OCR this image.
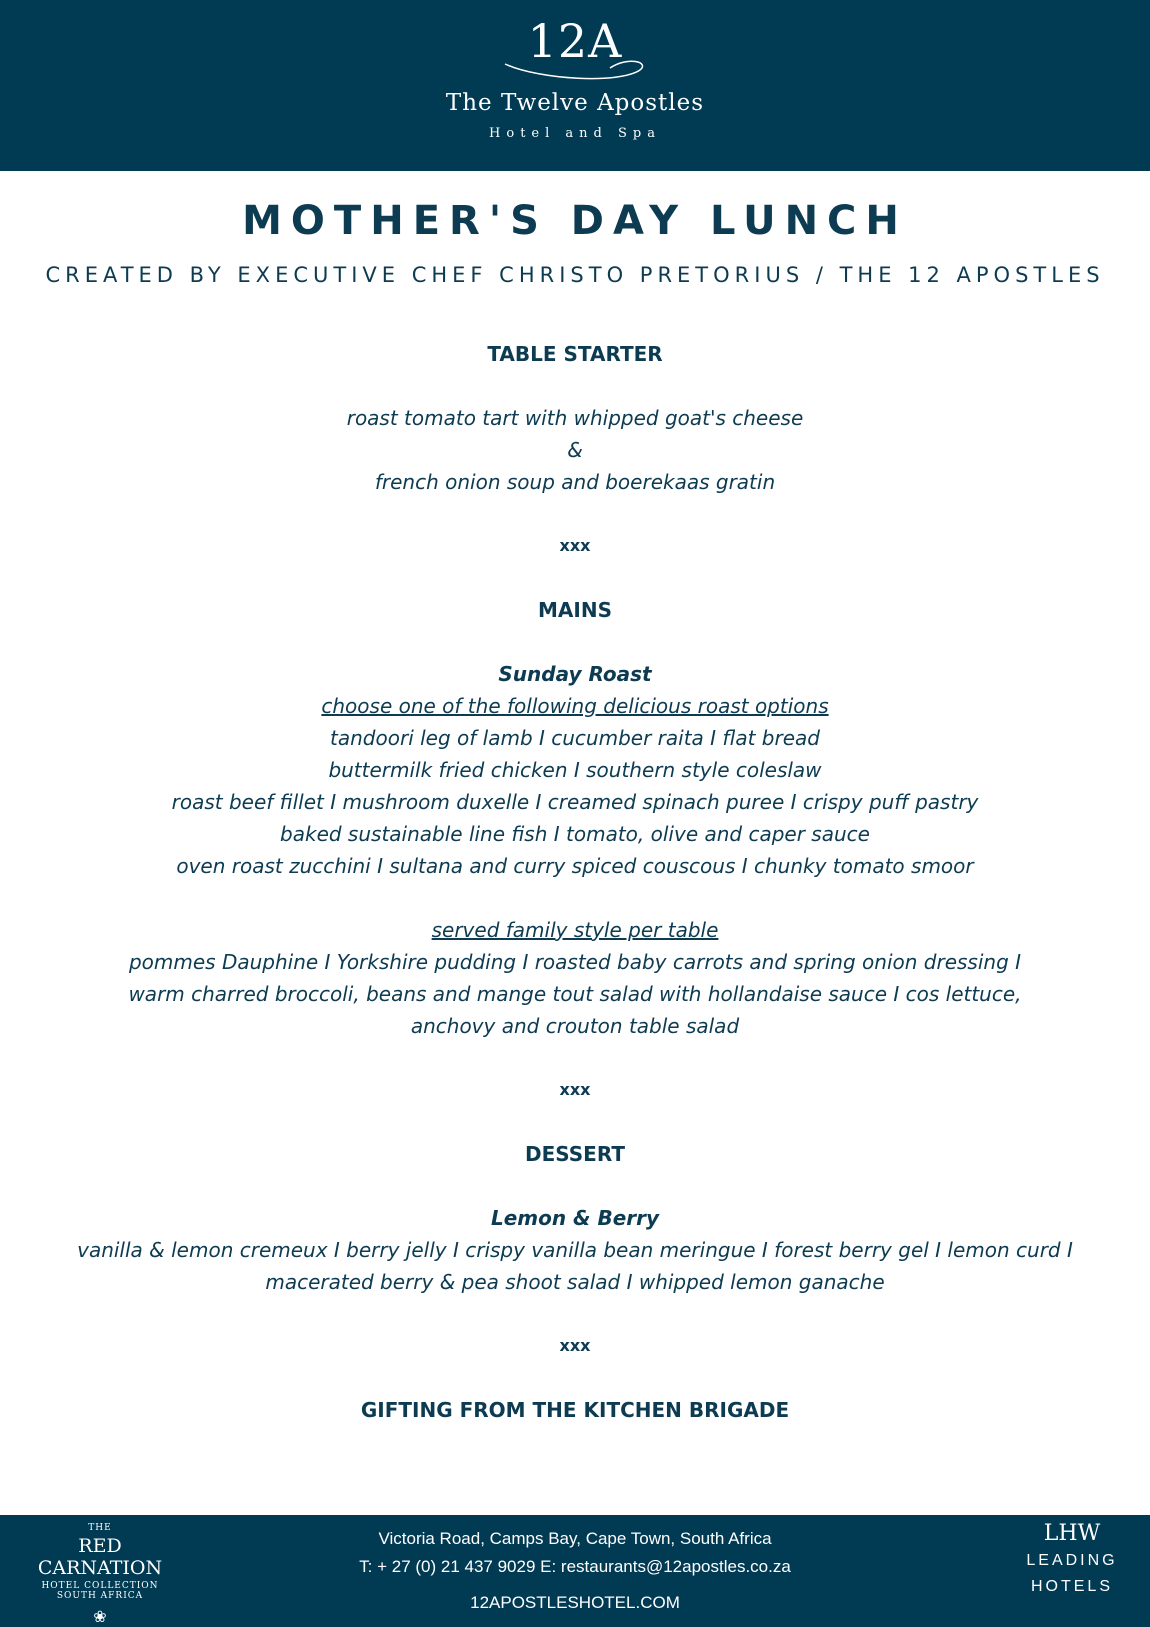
12A
The Twelve Apostles
Hotel and Spa
MOTHER'S DAY LUNCH
CREATED BY EXECUTIVE CHEF CHRISTO PRETORIUS / THE 12 APOSTLES
TABLE STARTER
roast tomato tart with whipped goat's cheese
&
french onion soup and boerekaas gratin
xxx
MAINS
Sunday Roast
choose one of the following delicious roast options
tandoori leg of lamb I cucumber raita I flat bread
buttermilk fried chicken I southern style coleslaw
roast beef fillet I mushroom duxelle I creamed spinach puree I crispy puff pastry
baked sustainable line fish I tomato, olive and caper sauce
oven roast zucchini I sultana and curry spiced couscous I chunky tomato smoor
served family style per table
pommes Dauphine I Yorkshire pudding I roasted baby carrots and spring onion dressing I
warm charred broccoli, beans and mange tout salad with hollandaise sauce I cos lettuce,
anchovy and crouton table salad
xxx
DESSERT
Lemon & Berry
vanilla & lemon cremeux I berry jelly I crispy vanilla bean meringue I forest berry gel I lemon curd I
macerated berry & pea shoot salad I whipped lemon ganache
xxx
GIFTING FROM THE KITCHEN BRIGADE
THE
RED CARNATION
HOTEL COLLECTION
SOUTH AFRICA
❀
Victoria Road, Camps Bay, Cape Town, South Africa
T: + 27 (0) 21 437 9029 E: restaurants@12apostles.co.za
12APOSTLESHOTEL.COM
LHW
LEADING
HOTELS
